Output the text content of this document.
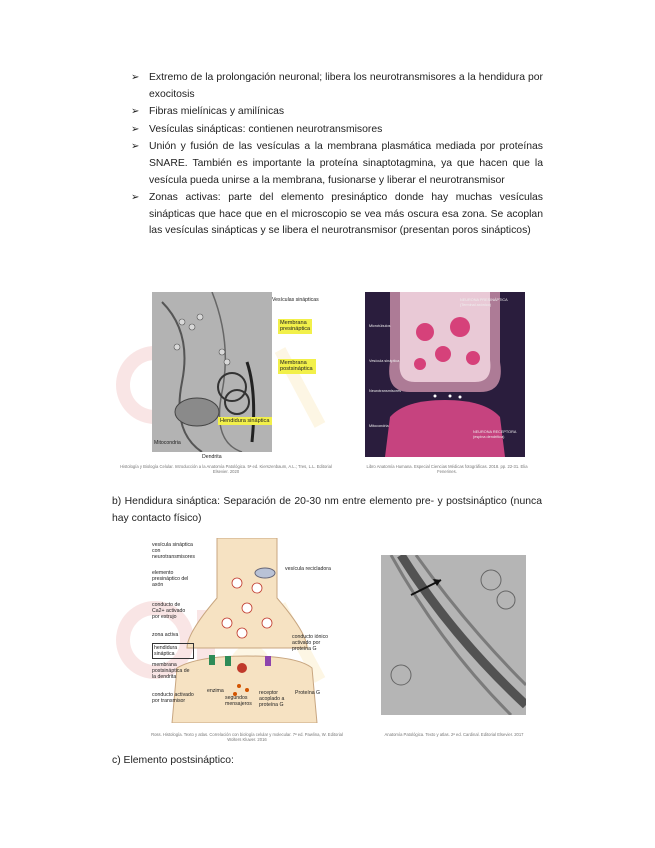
➢ Extremo de la prolongación neuronal; libera los neurotransmisores a la hendidura por exocitosis
➢ Fibras mielínicas y amilínicas
➢ Vesículas sinápticas: contienen neurotransmisores
➢ Unión y fusión de las vesículas a la membrana plasmática mediada por proteínas SNARE. También es importante la proteína sinaptotagmina, ya que hacen que la vesícula pueda unirse a la membrana, fusionarse y liberar el neurotransmisor
➢ Zonas activas: parte del elemento presináptico donde hay muchas vesículas sinápticas que hace que en el microscopio se vea más oscura esa zona. Se acoplan las vesículas sinápticas y se libera el neurotransmisor (presentan poros sinápticos)
Vesículas sinápticas
Membrana presináptica
Membrana postsináptica
Hendidura sináptica
Mitocondria
Dendrita
Histología y Biología Celular. Introducción a la Anatomía Patológica. 5ª ed. Kierszenbaum, A.L.; Tres, L.L. Editorial Elsevier. 2020
NEURONA PRESINÁPTICA
(Terminal axónico)
Microtúbulos
Vesícula sináptica
Neurotransmisores
Mitocondria
NEURONA RECEPTORA
(espina dendrítica)
Libro Anatomía Humana. Especial Ciencias Médicas fotográficas. 2018. pp. 22-31. Elia Fenerines.
b) Hendidura sináptica: Separación de 20-30 nm entre elemento pre- y postsináptico (nunca hay contacto físico)
vesícula sináptica con neurotransmisores
vesícula recicladora
elemento presináptico del axón
conducto de Ca2+ activado por estrujo
zona activa
hendidura sináptica
membrana postsináptica de la dendrita
conducto activado por transmisor
enzima
segundos mensajeros
receptor acoplado a proteína G
Proteína G
conducto iónico activado por proteína G
Ross. Histología. Texto y atlas. Correlación con biología celular y molecular. 7ª ed. Pawlina, W. Editorial Wolters Kluwer. 2016
Anatomía Patológica. Texto y atlas. 2ª ed. Cardinal. Editorial Elsevier. 2017
c) Elemento postsináptico:
